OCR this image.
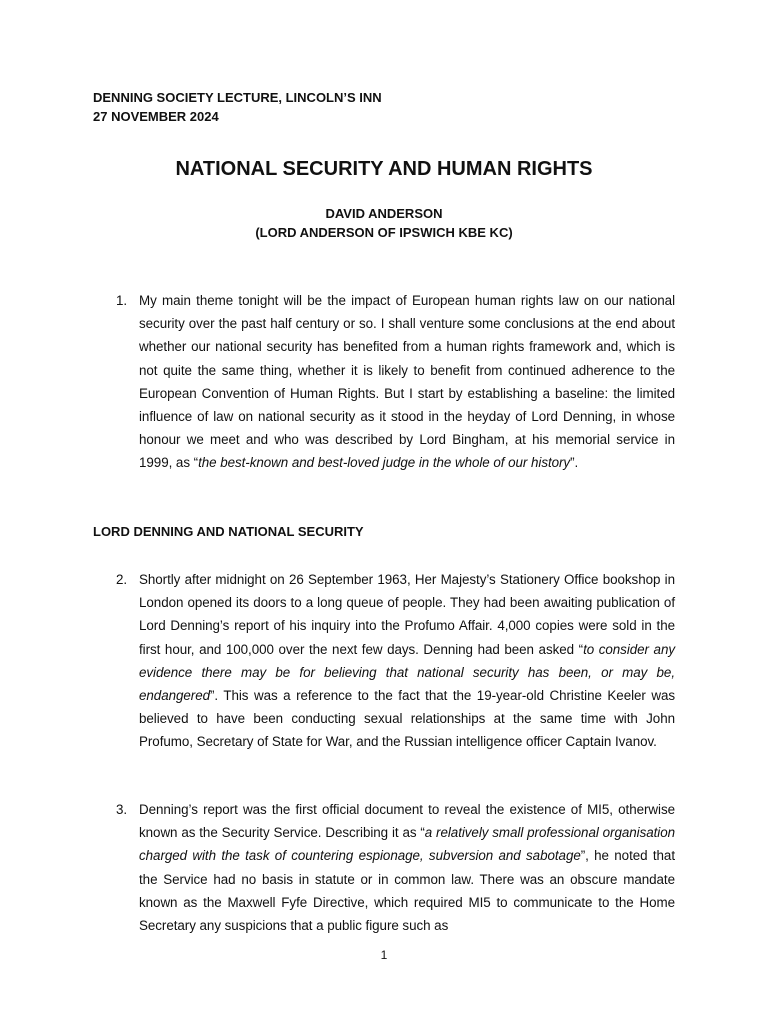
DENNING SOCIETY LECTURE, LINCOLN’S INN
27 NOVEMBER 2024
NATIONAL SECURITY AND HUMAN RIGHTS
DAVID ANDERSON
(LORD ANDERSON OF IPSWICH KBE KC)
1. My main theme tonight will be the impact of European human rights law on our national security over the past half century or so. I shall venture some conclusions at the end about whether our national security has benefited from a human rights framework and, which is not quite the same thing, whether it is likely to benefit from continued adherence to the European Convention of Human Rights. But I start by establishing a baseline: the limited influence of law on national security as it stood in the heyday of Lord Denning, in whose honour we meet and who was described by Lord Bingham, at his memorial service in 1999, as “the best-known and best-loved judge in the whole of our history”.
LORD DENNING AND NATIONAL SECURITY
2. Shortly after midnight on 26 September 1963, Her Majesty’s Stationery Office bookshop in London opened its doors to a long queue of people. They had been awaiting publication of Lord Denning’s report of his inquiry into the Profumo Affair. 4,000 copies were sold in the first hour, and 100,000 over the next few days. Denning had been asked “to consider any evidence there may be for believing that national security has been, or may be, endangered”. This was a reference to the fact that the 19-year-old Christine Keeler was believed to have been conducting sexual relationships at the same time with John Profumo, Secretary of State for War, and the Russian intelligence officer Captain Ivanov.
3. Denning’s report was the first official document to reveal the existence of MI5, otherwise known as the Security Service. Describing it as “a relatively small professional organisation charged with the task of countering espionage, subversion and sabotage”, he noted that the Service had no basis in statute or in common law. There was an obscure mandate known as the Maxwell Fyfe Directive, which required MI5 to communicate to the Home Secretary any suspicions that a public figure such as
1
